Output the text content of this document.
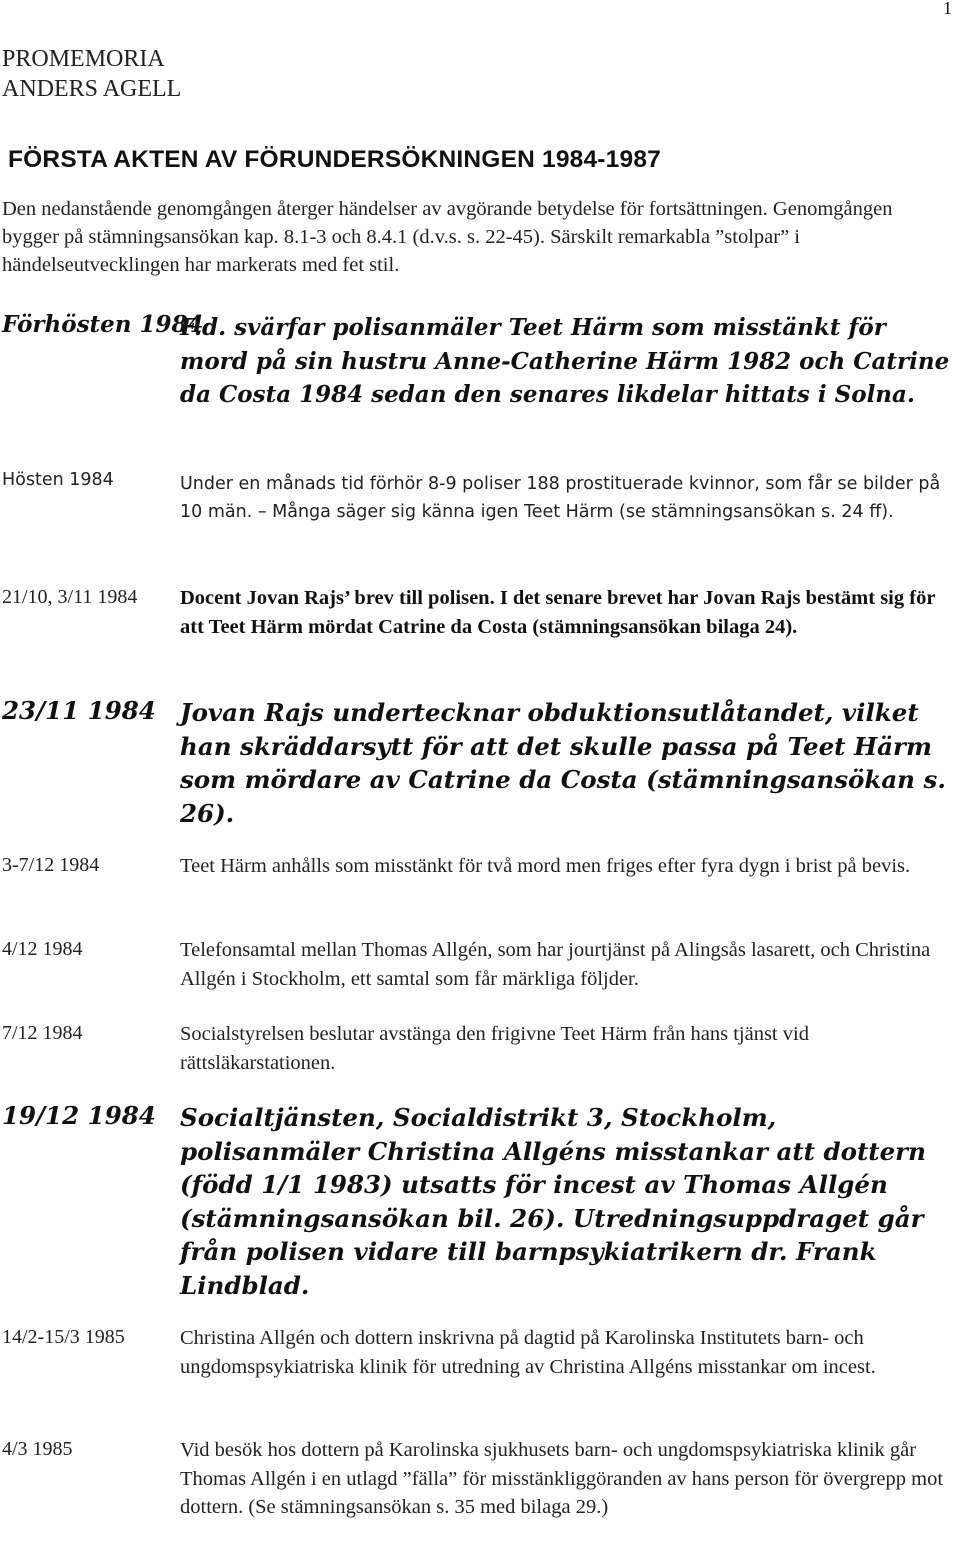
1
PROMEMORIA
ANDERS AGELL
FÖRSTA AKTEN AV FÖRUNDERSÖKNINGEN 1984-1987
Den nedanstående genomgången återger händelser av avgörande betydelse för fortsättningen. Genomgången bygger på stämningsansökan kap. 8.1-3 och 8.4.1 (d.v.s. s. 22-45). Särskilt remarkabla ”stolpar” i händelseutvecklingen har markerats med fet stil.
Förhösten 1984
F.d. svärfar polisanmäler Teet Härm som misstänkt för mord på sin hustru Anne-Catherine Härm 1982 och Catrine da Costa 1984 sedan den senares likdelar hittats i Solna.
Hösten 1984	Under en månads tid förhör 8-9 poliser 188 prostituerade kvinnor, som får se bilder på 10 män. – Många säger sig känna igen Teet Härm (se stämningsansökan s. 24 ff).
21/10, 3/11 1984 Docent Jovan Rajs’ brev till polisen. I det senare brevet har Jovan Rajs bestämt sig för att Teet Härm mördat Catrine da Costa (stämningsansökan bilaga 24).
23/11 1984 Jovan Rajs undertecknar obduktionsutlåtandet, vilket han skräddarsytt för att det skulle passa på Teet Härm som mördare av Catrine da Costa (stämningsansökan s. 26).
3-7/12 1984	Teet Härm anhålls som misstänkt för två mord men friges efter fyra dygn i brist på bevis.
4/12 1984	Telefonsamtal mellan Thomas Allgén, som har jourtjänst på Alingsås lasarett, och Christina Allgén i Stockholm, ett samtal som får märkliga följder.
7/12 1984	Socialstyrelsen beslutar avstänga den frigivne Teet Härm från hans tjänst vid rättsläkarstationen.
19/12 1984 Socialtjänsten, Socialdistrikt 3, Stockholm, polisanmäler Christina Allgéns misstankar att dottern (född 1/1 1983) utsatts för incest av Thomas Allgén (stämningsansökan bil. 26). Utredningsuppdraget går från polisen vidare till barnpsykiatrikern dr. Frank Lindblad.
14/2-15/3 1985	Christina Allgén och dottern inskrivna på dagtid på Karolinska Institutets barn- och ungdomspsykiatriska klinik för utredning av Christina Allgéns misstankar om incest.
4/3 1985	Vid besök hos dottern på Karolinska sjukhusets barn- och ungdomspsykiatriska klinik går Thomas Allgén i en utlagd ”fälla” för misstänkliggöranden av hans person för övergrepp mot dottern. (Se stämningsansökan s. 35 med bilaga 29.)
